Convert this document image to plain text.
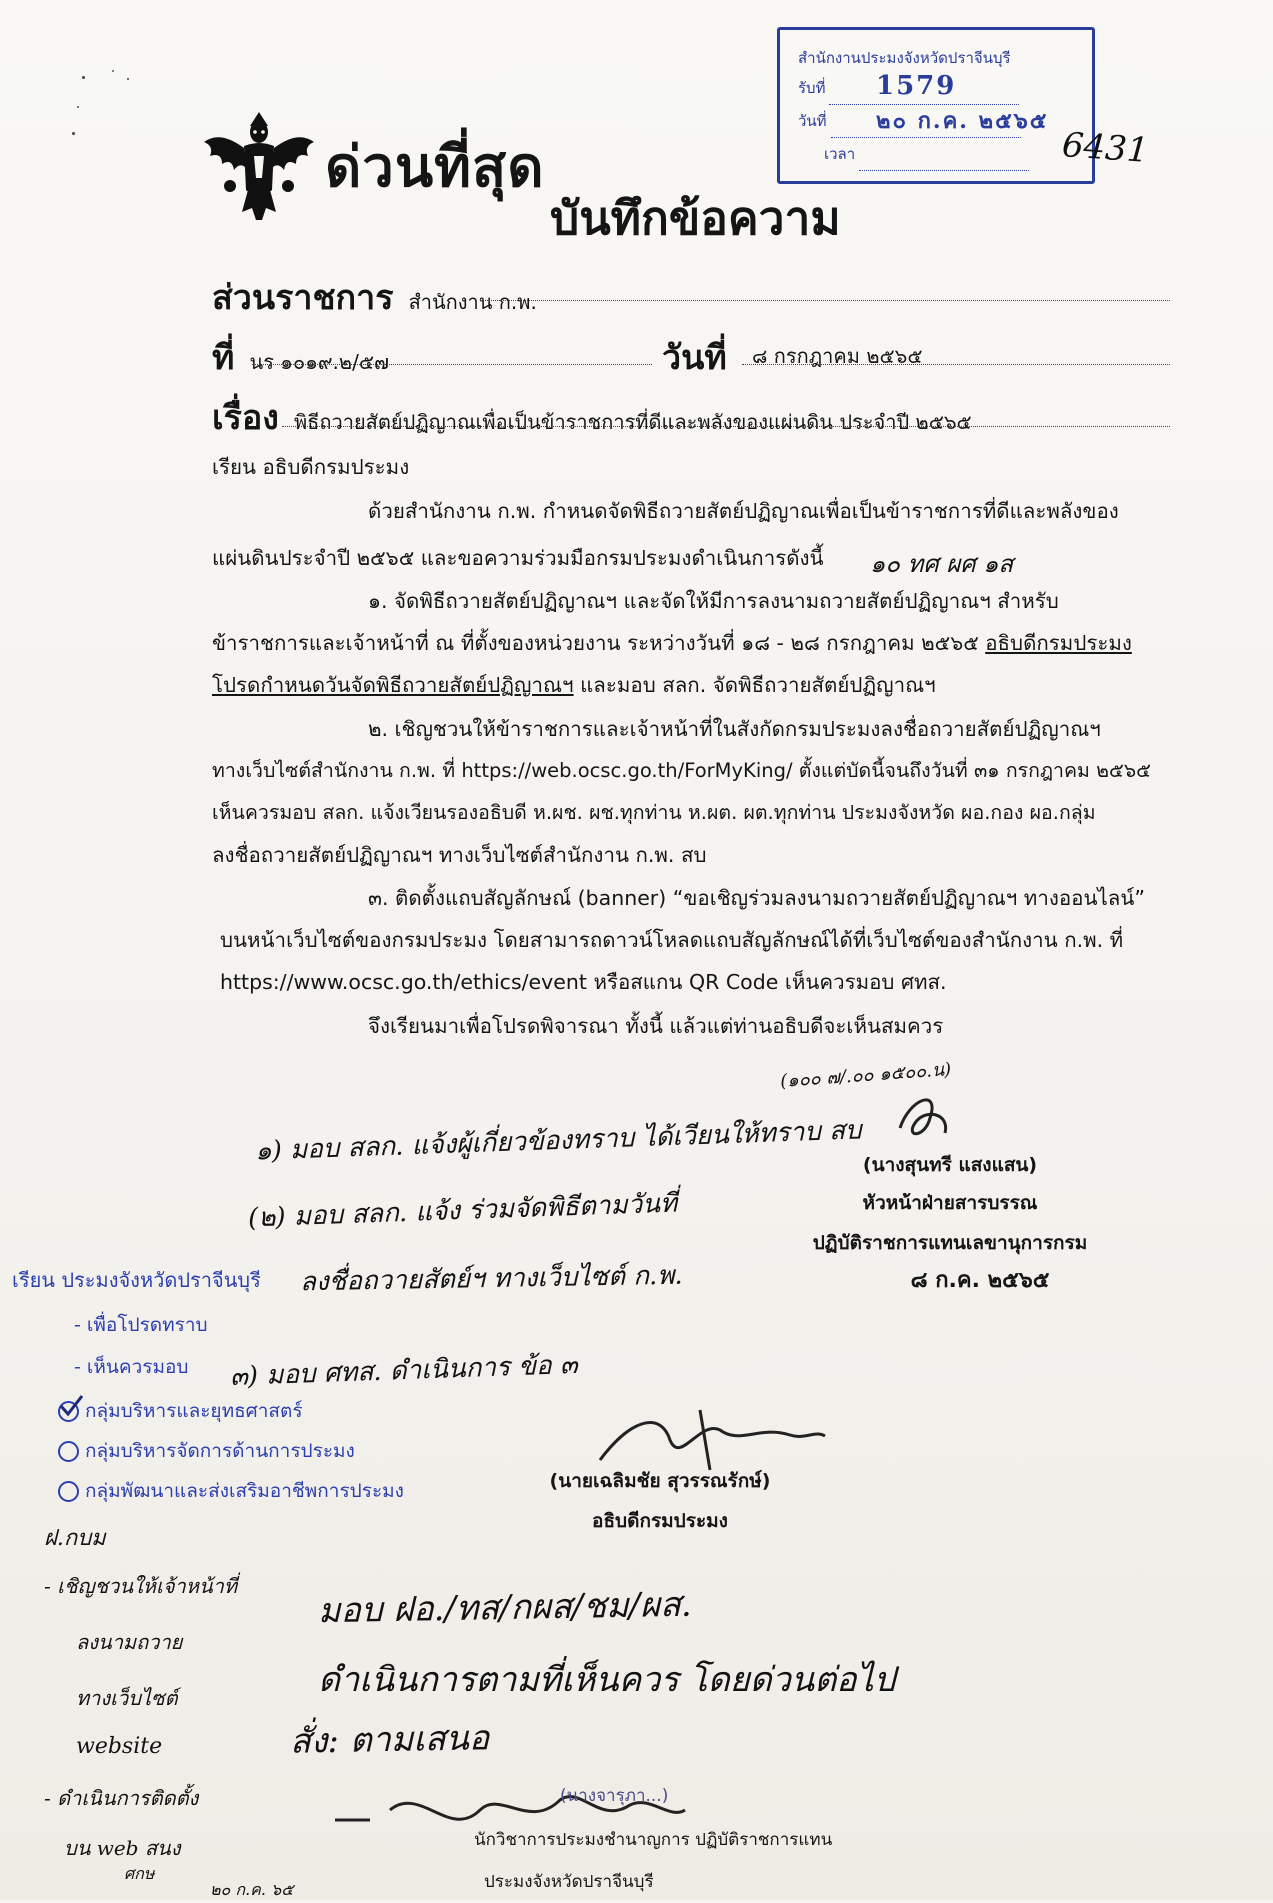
ด่วนที่สุด
บันทึกข้อความ
สำนักงานประมงจังหวัดปราจีนบุรี
รับที่ 1579
วันที่ ๒๐ ก.ค. ๒๕๖๕
เวลา	6431
ส่วนราชการ สำนักงาน ก.พ.
ที่ นร ๑๐๑๙.๒/๕๗	วันที่ ๘ กรกฎาคม ๒๕๖๕
เรื่อง พิธีถวายสัตย์ปฏิญาณเพื่อเป็นข้าราชการที่ดีและพลังของแผ่นดิน ประจำปี ๒๕๖๕
เรียน อธิบดีกรมประมง
ด้วยสำนักงาน ก.พ. กำหนดจัดพิธีถวายสัตย์ปฏิญาณเพื่อเป็นข้าราชการที่ดีและพลังของ
แผ่นดินประจำปี ๒๕๖๕ และขอความร่วมมือกรมประมงดำเนินการดังนี้ ๑๐ ทศ ผศ ๑ส
๑. จัดพิธีถวายสัตย์ปฏิญาณฯ และจัดให้มีการลงนามถวายสัตย์ปฏิญาณฯ สำหรับ
ข้าราชการและเจ้าหน้าที่ ณ ที่ตั้งของหน่วยงาน ระหว่างวันที่ ๑๘ - ๒๘ กรกฎาคม ๒๕๖๕ อธิบดีกรมประมง
โปรดกำหนดวันจัดพิธีถวายสัตย์ปฏิญาณฯ และมอบ สลก. จัดพิธีถวายสัตย์ปฏิญาณฯ
๒. เชิญชวนให้ข้าราชการและเจ้าหน้าที่ในสังกัดกรมประมงลงชื่อถวายสัตย์ปฏิญาณฯ
ทางเว็บไซต์สำนักงาน ก.พ. ที่ https://web.ocsc.go.th/ForMyKing/ ตั้งแต่บัดนี้จนถึงวันที่ ๓๑ กรกฎาคม ๒๕๖๕
เห็นควรมอบ สลก. แจ้งเวียนรองอธิบดี ห.ผช. ผช.ทุกท่าน ห.ผต. ผต.ทุกท่าน ประมงจังหวัด ผอ.กอง ผอ.กลุ่ม
ลงชื่อถวายสัตย์ปฏิญาณฯ ทางเว็บไซต์สำนักงาน ก.พ. สบ
๓. ติดตั้งแถบสัญลักษณ์ (banner) “ขอเชิญร่วมลงนามถวายสัตย์ปฏิญาณฯ ทางออนไลน์”
บนหน้าเว็บไซต์ของกรมประมง โดยสามารถดาวน์โหลดแถบสัญลักษณ์ได้ที่เว็บไซต์ของสำนักงาน ก.พ. ที่
https://www.ocsc.go.th/ethics/event หรือสแกน QR Code เห็นควรมอบ ศทส.
จึงเรียนมาเพื่อโปรดพิจารณา ทั้งนี้ แล้วแต่ท่านอธิบดีจะเห็นสมควร
(๑๐๐ ๗/.๐๐ ๑๕๐๐.น)
๑) มอบ สลก. แจ้งผู้เกี่ยวข้องทราบ ได้เวียนให้ทราบ สบ
(๒) มอบ สลก. แจ้ง ร่วมจัดพิธีตามวันที่
ลงชื่อถวายสัตย์ฯ ทางเว็บไซต์ ก.พ.
๓) มอบ ศทส. ดำเนินการ ข้อ ๓
(นางสุนทรี แสงแสน)
หัวหน้าฝ่ายสารบรรณ
ปฏิบัติราชการแทนเลขานุการกรม
๘ ก.ค. ๒๕๖๕
เรียน ประมงจังหวัดปราจีนบุรี
- เพื่อโปรดทราบ
- เห็นควรมอบ
กลุ่มบริหารและยุทธศาสตร์
กลุ่มบริหารจัดการด้านการประมง
กลุ่มพัฒนาและส่งเสริมอาชีพการประมง	(นายเฉลิมชัย สุวรรณรักษ์)
อธิบดีกรมประมง
มอบ ฝอ./ทส/กผส/ชม/ผส.
ดำเนินการตามที่เห็นควร โดยด่วนต่อไป
สั่ง: ตามเสนอ
ฝ.กบม
- เชิญชวนให้เจ้าหน้าที่
ลงนามถวาย
ทางเว็บไซต์
website
- ดำเนินการติดตั้ง
บน web สนง
ศกษ
๒๐ ก.ค. ๖๕
(นางจารุภา...)
นักวิชาการประมงชำนาญการ ปฏิบัติราชการแทน
ประมงจังหวัดปราจีนบุรี
